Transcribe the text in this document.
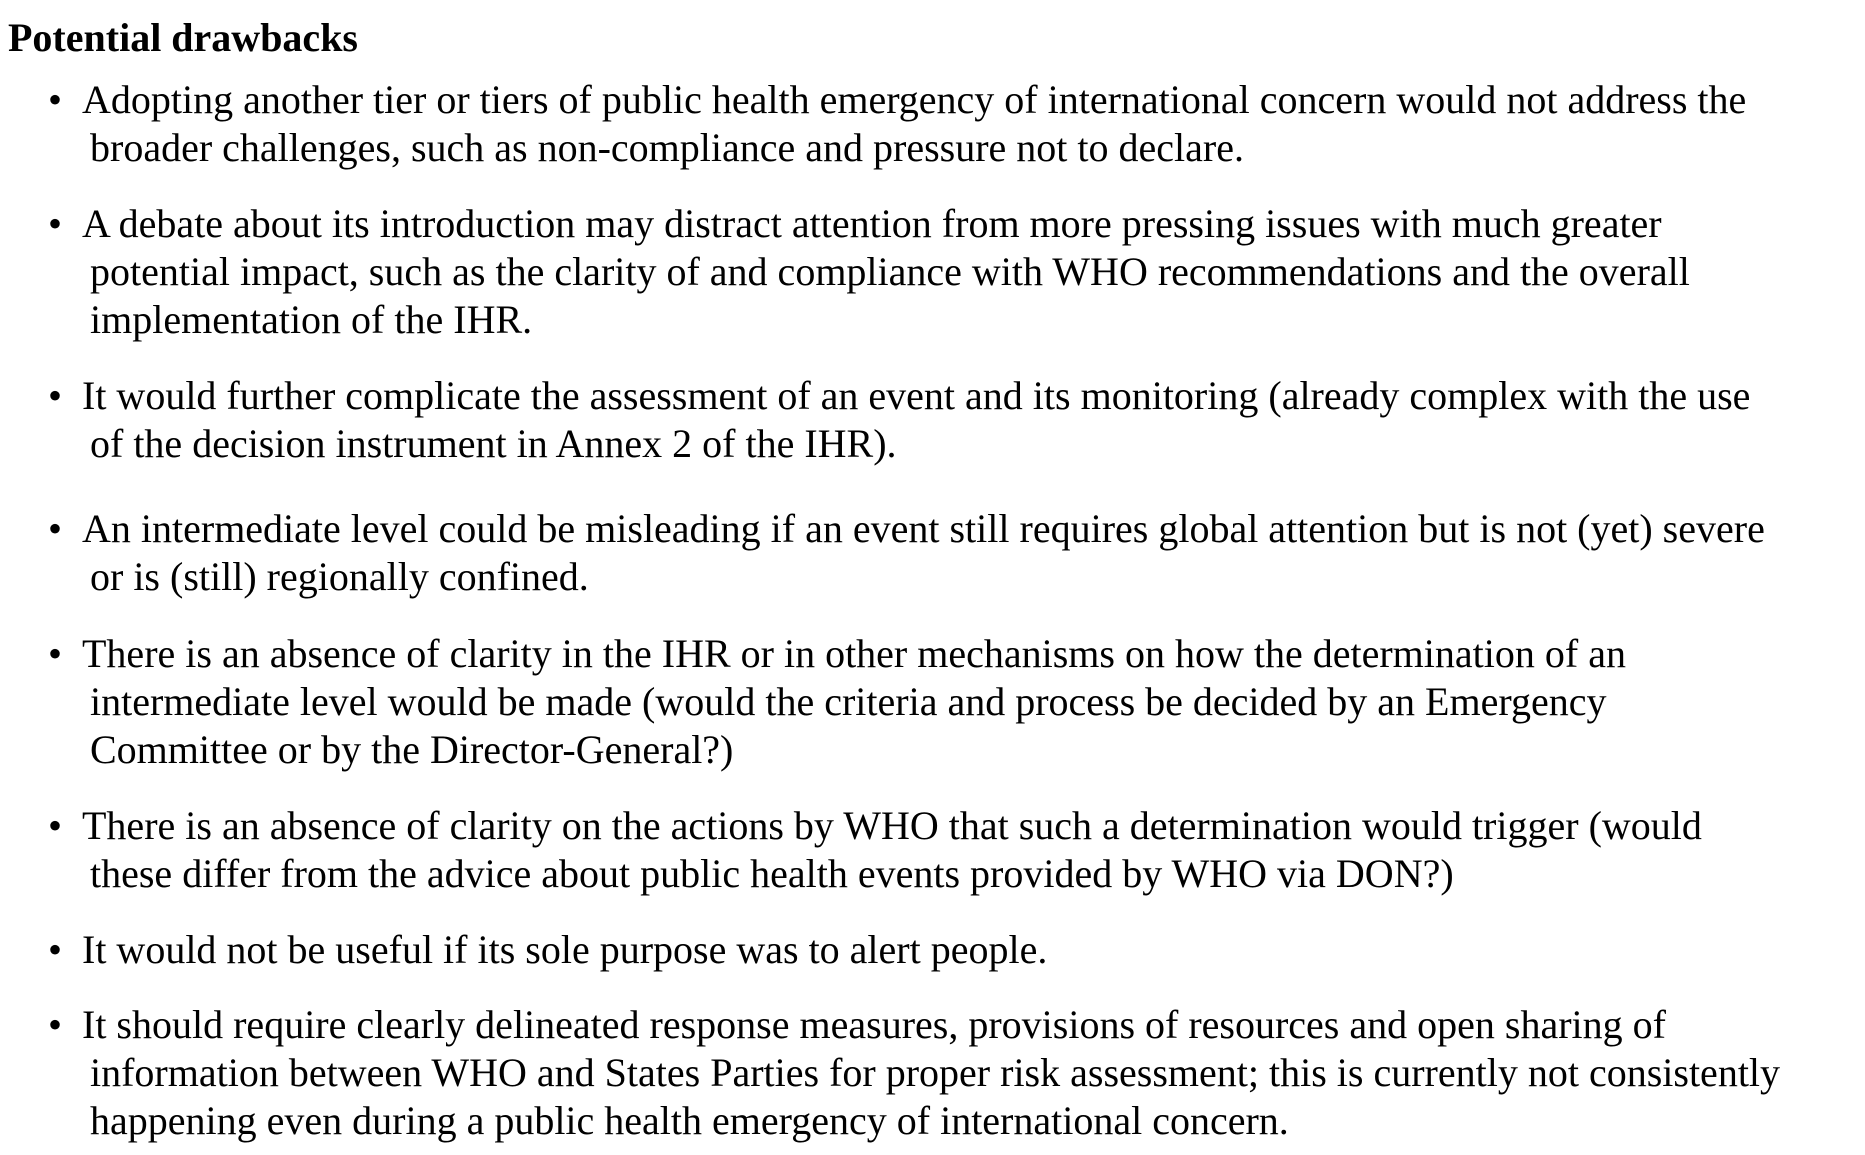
Potential drawbacks
• Adopting another tier or tiers of public health emergency of international concern would not address the
broader challenges, such as non-compliance and pressure not to declare.
• A debate about its introduction may distract attention from more pressing issues with much greater
potential impact, such as the clarity of and compliance with WHO recommendations and the overall
implementation of the IHR.
• It would further complicate the assessment of an event and its monitoring (already complex with the use
of the decision instrument in Annex 2 of the IHR).
• An intermediate level could be misleading if an event still requires global attention but is not (yet) severe
or is (still) regionally confined.
• There is an absence of clarity in the IHR or in other mechanisms on how the determination of an
intermediate level would be made (would the criteria and process be decided by an Emergency
Committee or by the Director-General?)
• There is an absence of clarity on the actions by WHO that such a determination would trigger (would
these differ from the advice about public health events provided by WHO via DON?)
• It would not be useful if its sole purpose was to alert people.
• It should require clearly delineated response measures, provisions of resources and open sharing of
information between WHO and States Parties for proper risk assessment; this is currently not consistently
happening even during a public health emergency of international concern.
